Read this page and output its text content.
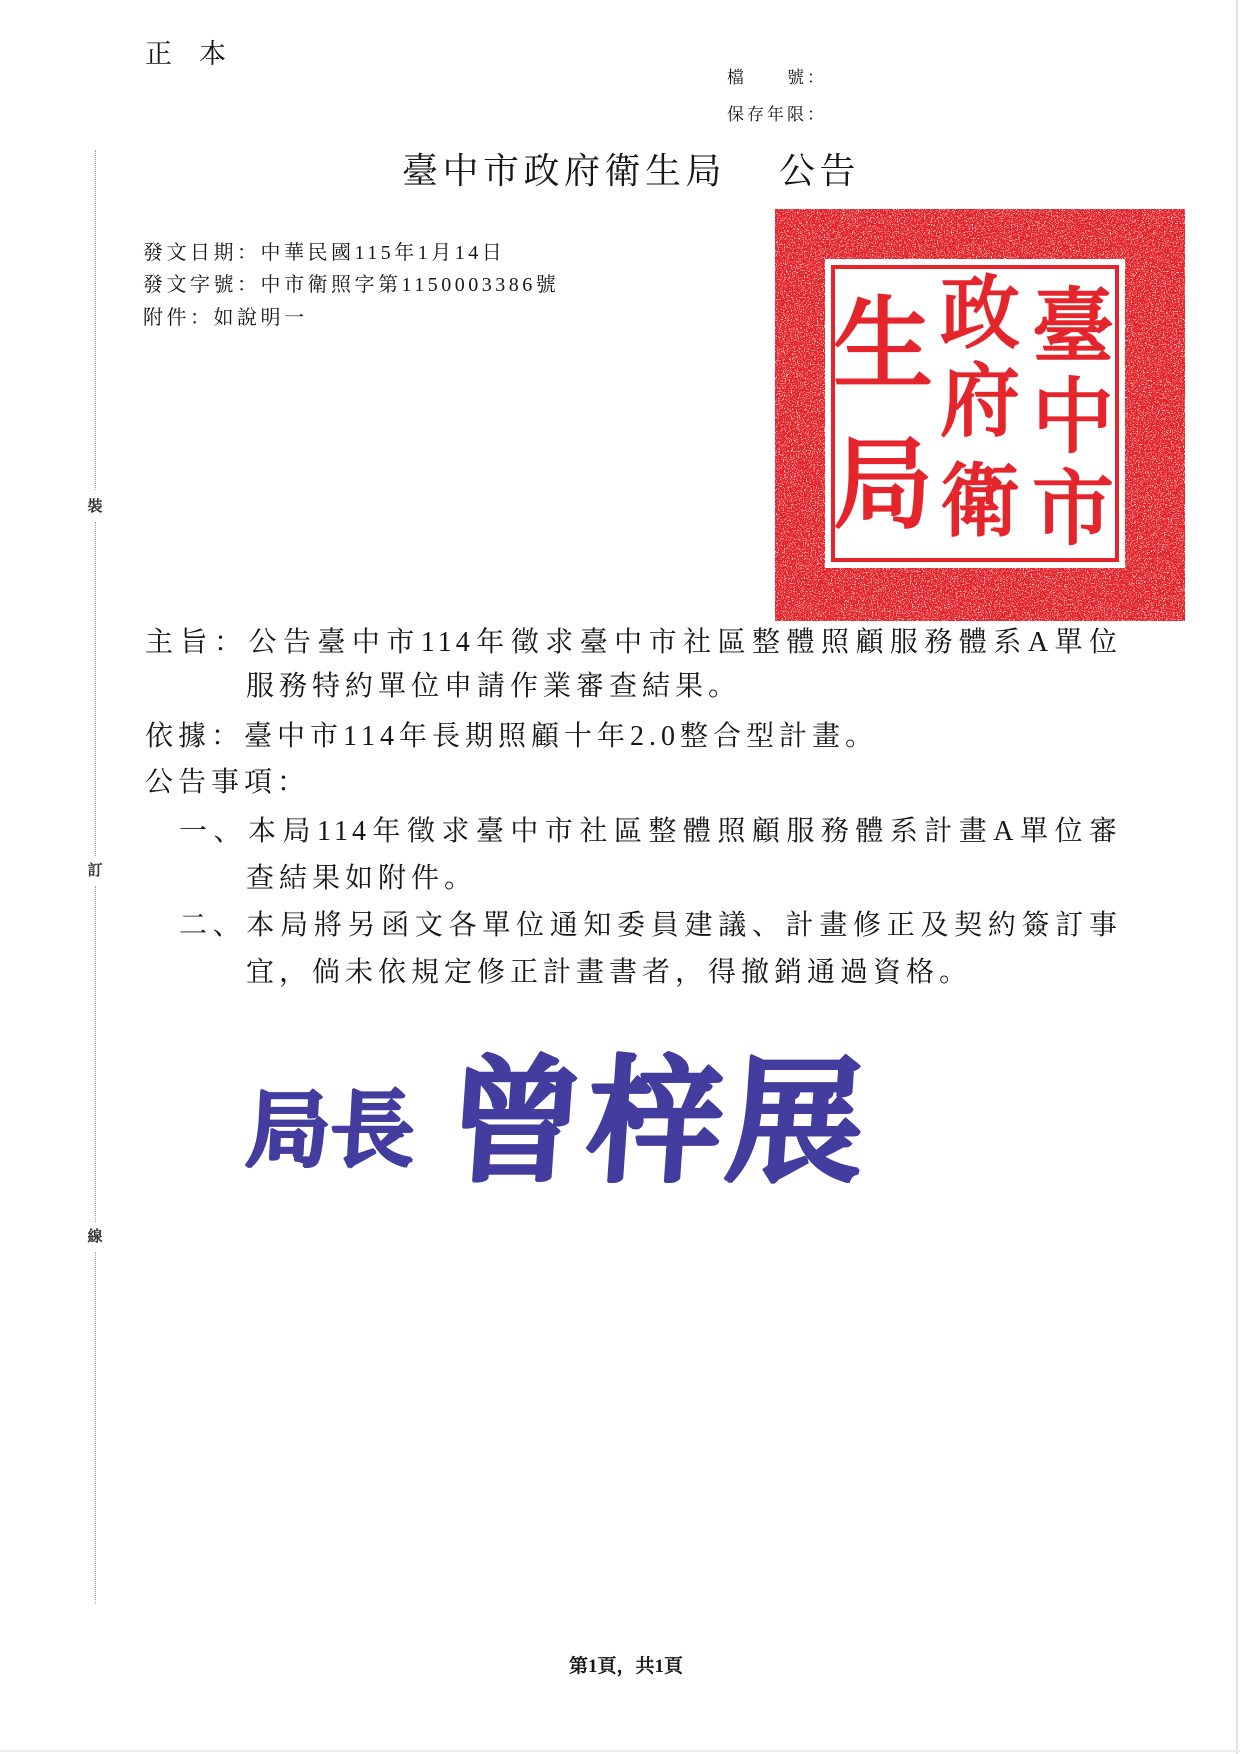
裝
訂
線
正　本
檔　　號：
保存年限：
臺中市政府衛生局 公告
發文日期：中華民國115年1月14日
發文字號：中市衛照字第1150003386號
附件：如說明一	臺
中
市
政
府
衛
生
局
主旨：公告臺中市114年徵求臺中市社區整體照顧服務體系A單位
服務特約單位申請作業審查結果。
依據：臺中市114年長期照顧十年2.0整合型計畫。
公告事項：
一、本局114年徵求臺中市社區整體照顧服務體系計畫A單位審
查結果如附件。
二、本局將另函文各單位通知委員建議、計畫修正及契約簽訂事
宜，倘未依規定修正計畫書者，得撤銷通過資格。
局長 曾梓展
第1頁，共1頁
